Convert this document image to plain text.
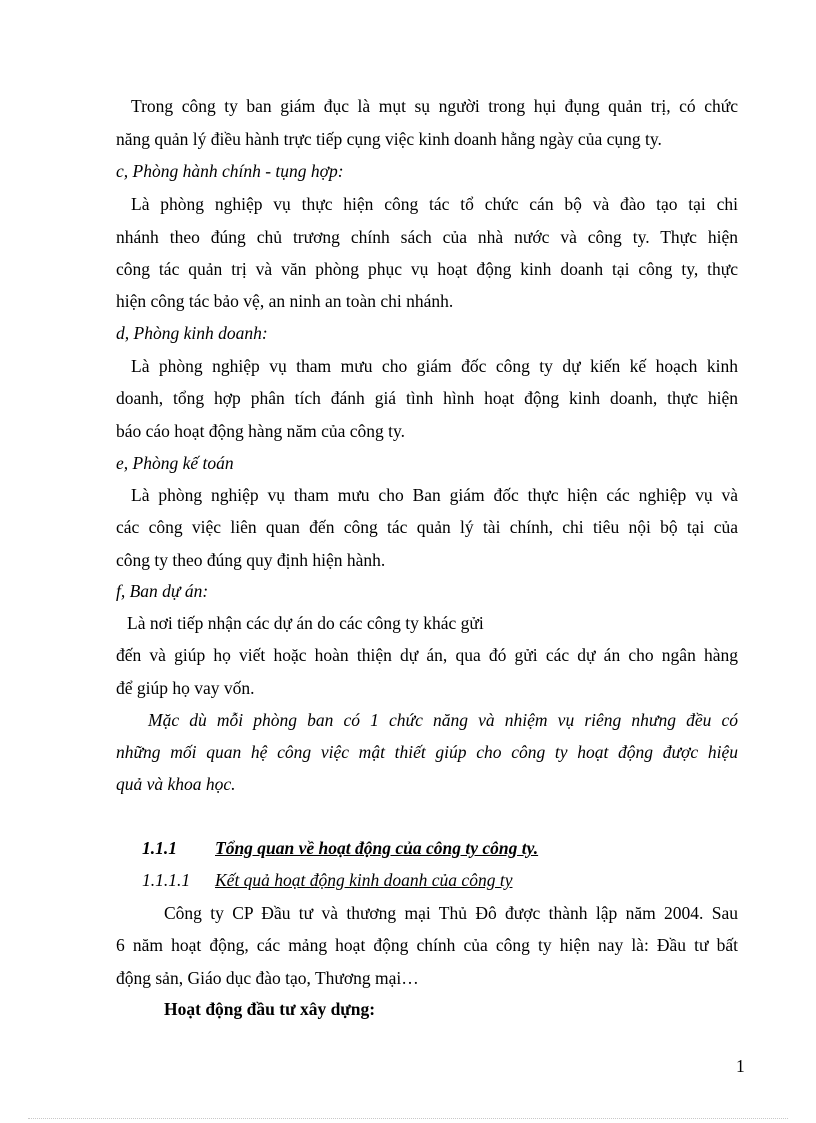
Trong công ty ban giám đục là mụt sụ người trong hụi đụng quản trị, có chức
năng quản lý điều hành trực tiếp cụng việc kinh doanh hằng ngày của cụng ty.
c, Phòng hành chính - tụng hợp:
Là phòng nghiệp vụ thực hiện công tác tổ chức cán bộ và đào tạo tại chi
nhánh theo đúng chủ trương chính sách của nhà nước và công ty. Thực hiện
công tác quản trị và văn phòng phục vụ hoạt động kinh doanh tại công ty, thực
hiện công tác bảo vệ, an ninh an toàn chi nhánh.
d, Phòng kinh doanh:
Là phòng nghiệp vụ tham mưu cho giám đốc công ty dự kiến kế hoạch kinh
doanh, tổng hợp phân tích đánh giá tình hình hoạt động kinh doanh, thực hiện
báo cáo hoạt động hàng năm của công ty.
e, Phòng kế toán
Là phòng nghiệp vụ tham mưu cho Ban giám đốc thực hiện các nghiệp vụ và
các công việc liên quan đến công tác quản lý tài chính, chi tiêu nội bộ tại của
công ty theo đúng quy định hiện hành.
f, Ban dự án:
Là nơi tiếp nhận các dự án do các công ty khác gửi
đến và giúp họ viết hoặc hoàn thiện dự án, qua đó gửi các dự án cho ngân hàng
để giúp họ vay vốn.
Mặc dù mỗi phòng ban có 1 chức năng và nhiệm vụ riêng nhưng đều có
những mối quan hệ công việc mật thiết giúp cho công ty hoạt động được hiệu
quả và khoa học.
1.1.1 Tổng quan về hoạt động của công ty công ty.
1.1.1.1 Kết quả hoạt động kinh doanh của công ty
Công ty CP Đầu tư và thương mại Thủ Đô được thành lập năm 2004. Sau
6 năm hoạt động, các mảng hoạt động chính của công ty hiện nay là: Đầu tư bất
động sản, Giáo dục đào tạo, Thương mại…
Hoạt động đầu tư xây dựng:
1
